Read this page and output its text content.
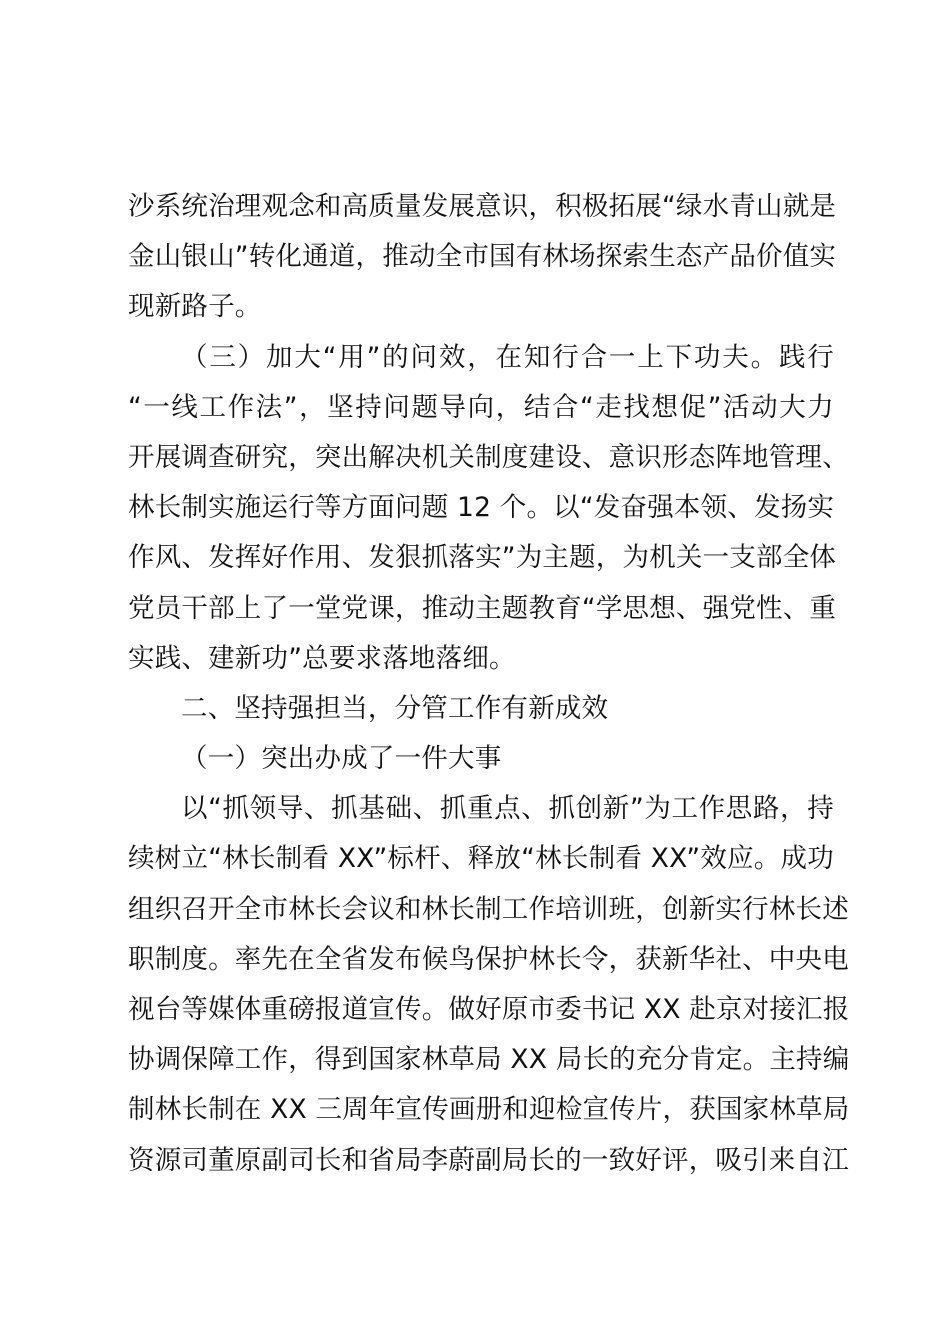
沙系统治理观念和高质量发展意识，积极拓展“绿水青山就是
金山银山”转化通道，推动全市国有林场探索生态产品价值实
现新路子。
（三）加大“用”的问效，在知行合一上下功夫。践行
“一线工作法”，坚持问题导向，结合“走找想促”活动大力
开展调查研究，突出解决机关制度建设、意识形态阵地管理、
林长制实施运行等方面问题 12 个。以“发奋强本领、发扬实
作风、发挥好作用、发狠抓落实”为主题，为机关一支部全体
党员干部上了一堂党课，推动主题教育“学思想、强党性、重
实践、建新功”总要求落地落细。
二、坚持强担当，分管工作有新成效
（一）突出办成了一件大事
以“抓领导、抓基础、抓重点、抓创新”为工作思路，持
续树立“林长制看 XX”标杆、释放“林长制看 XX”效应。成功
组织召开全市林长会议和林长制工作培训班，创新实行林长述
职制度。率先在全省发布候鸟保护林长令，获新华社、中央电
视台等媒体重磅报道宣传。做好原市委书记 XX 赴京对接汇报
协调保障工作，得到国家林草局 XX 局长的充分肯定。主持编
制林长制在 XX 三周年宣传画册和迎检宣传片，获国家林草局
资源司董原副司长和省局李蔚副局长的一致好评，吸引来自江
